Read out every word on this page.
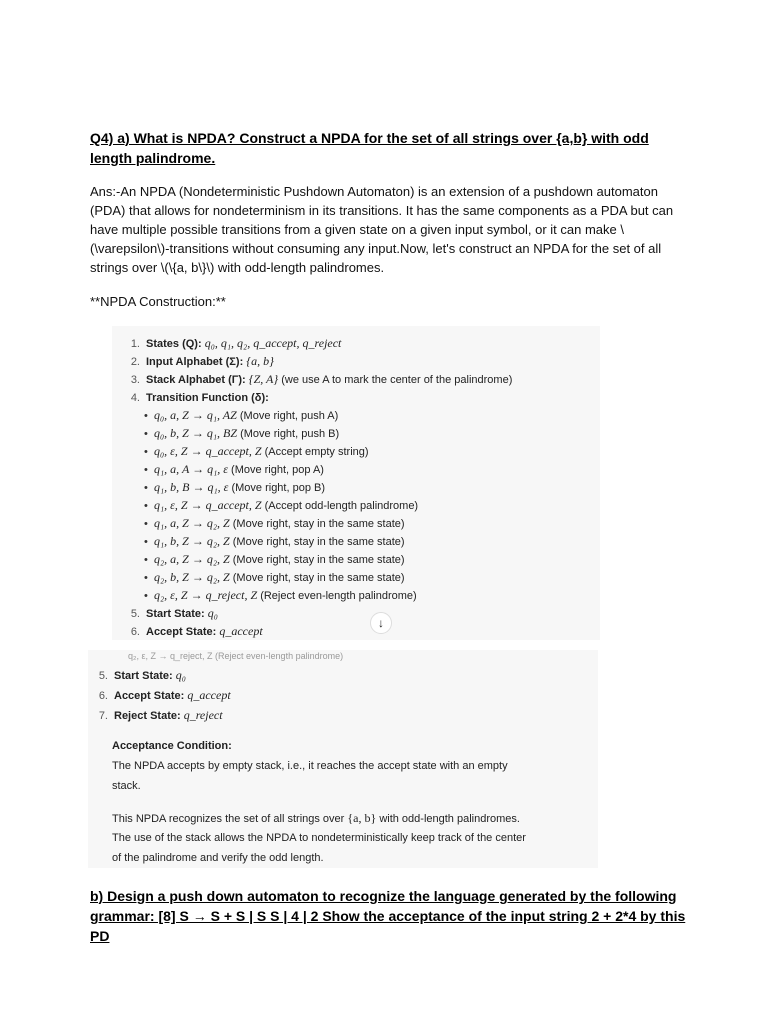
Q4) a) What is NPDA? Construct a NPDA for the set of all strings over {a,b} with odd length palindrome.
Ans:-An NPDA (Nondeterministic Pushdown Automaton) is an extension of a pushdown automaton (PDA) that allows for nondeterminism in its transitions. It has the same components as a PDA but can have multiple possible transitions from a given state on a given input symbol, or it can make \(\varepsilon\)-transitions without consuming any input.Now, let's construct an NPDA for the set of all strings over \(\{a, b\}\) with odd-length palindromes.
**NPDA Construction:**
1. States (Q): q₀, q₁, q₂, q_accept, q_reject
2. Input Alphabet (Σ): {a, b}
3. Stack Alphabet (Γ): {Z, A} (we use A to mark the center of the palindrome)
4. Transition Function (δ):
• q₀, a, Z → q₁, AZ (Move right, push A)
• q₀, b, Z → q₁, BZ (Move right, push B)
• q₀, ε, Z → q_accept, Z (Accept empty string)
• q₁, a, A → q₁, ε (Move right, pop A)
• q₁, b, B → q₁, ε (Move right, pop B)
• q₁, ε, Z → q_accept, Z (Accept odd-length palindrome)
• q₁, a, Z → q₂, Z (Move right, stay in the same state)
• q₁, b, Z → q₂, Z (Move right, stay in the same state)
• q₂, a, Z → q₂, Z (Move right, stay in the same state)
• q₂, b, Z → q₂, Z (Move right, stay in the same state)
• q₂, ε, Z → q_reject, Z (Reject even-length palindrome)
5. Start State: q₀
6. Accept State: q_accept
↓
q₂, ε, Z → q_reject, Z (Reject even-length palindrome)
5. Start State: q₀
6. Accept State: q_accept
7. Reject State: q_reject
Acceptance Condition:
The NPDA accepts by empty stack, i.e., it reaches the accept state with an empty
stack.
This NPDA recognizes the set of all strings over {a, b} with odd-length palindromes.
The use of the stack allows the NPDA to nondeterministically keep track of the center
of the palindrome and verify the odd length.
b) Design a push down automaton to recognize the language generated by the following grammar: [8] S → S + S | S S | 4 | 2 Show the acceptance of the input string 2 + 2*4 by this PD
